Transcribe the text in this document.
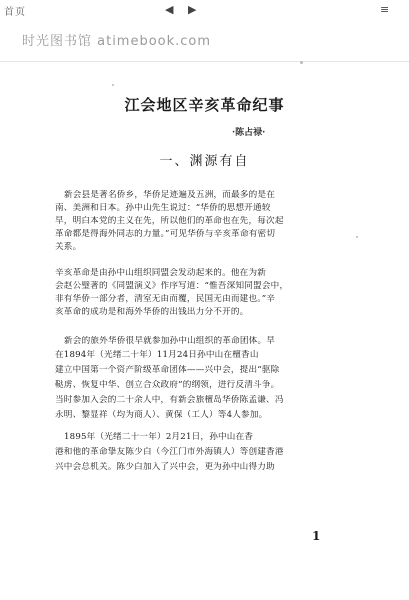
首页	◀ ▶	≡
时光图书馆 atimebook.com
江会地区辛亥革命纪事
·陈占禄·
一、渊源有自
新会县是著名侨乡，华侨足迹遍及五洲，而最多的是在
南、美洲和日本。孙中山先生说过：“华侨的思想开通较
早，明白本党的主义在先，所以他们的革命也在先，每次起
革命都是得海外同志的力量。”可见华侨与辛亥革命有密切
关系。
辛亥革命是由孙中山组织同盟会发动起来的。他在为新
会赵公璧著的《同盟演义》作序写道：“惟吾深知同盟会中，
非有华侨一部分者，清室无由而覆，民国无由而建也。”辛
亥革命的成功是和海外华侨的出钱出力分不开的。
新会的旅外华侨很早就参加孙中山组织的革命团体。早
在1894年（光绪二十年）11月24日孙中山在檀香山
建立中国第一个资产阶级革命团体——兴中会，提出“驱除
鞑虏、恢复中华、创立合众政府”的纲领，进行反清斗争。
当时参加入会的二十余人中，有新会旅檀岛华侨陈孟谦、冯
永明、黎显祥（均为商人）、黄保（工人）等4人参加。
1895年（光绪二十一年）2月21日，孙中山在香
港和他的革命挚友陈少白（今江门市外海镇人）等创建香港
兴中会总机关。陈少白加入了兴中会，更为孙中山得力助
1
